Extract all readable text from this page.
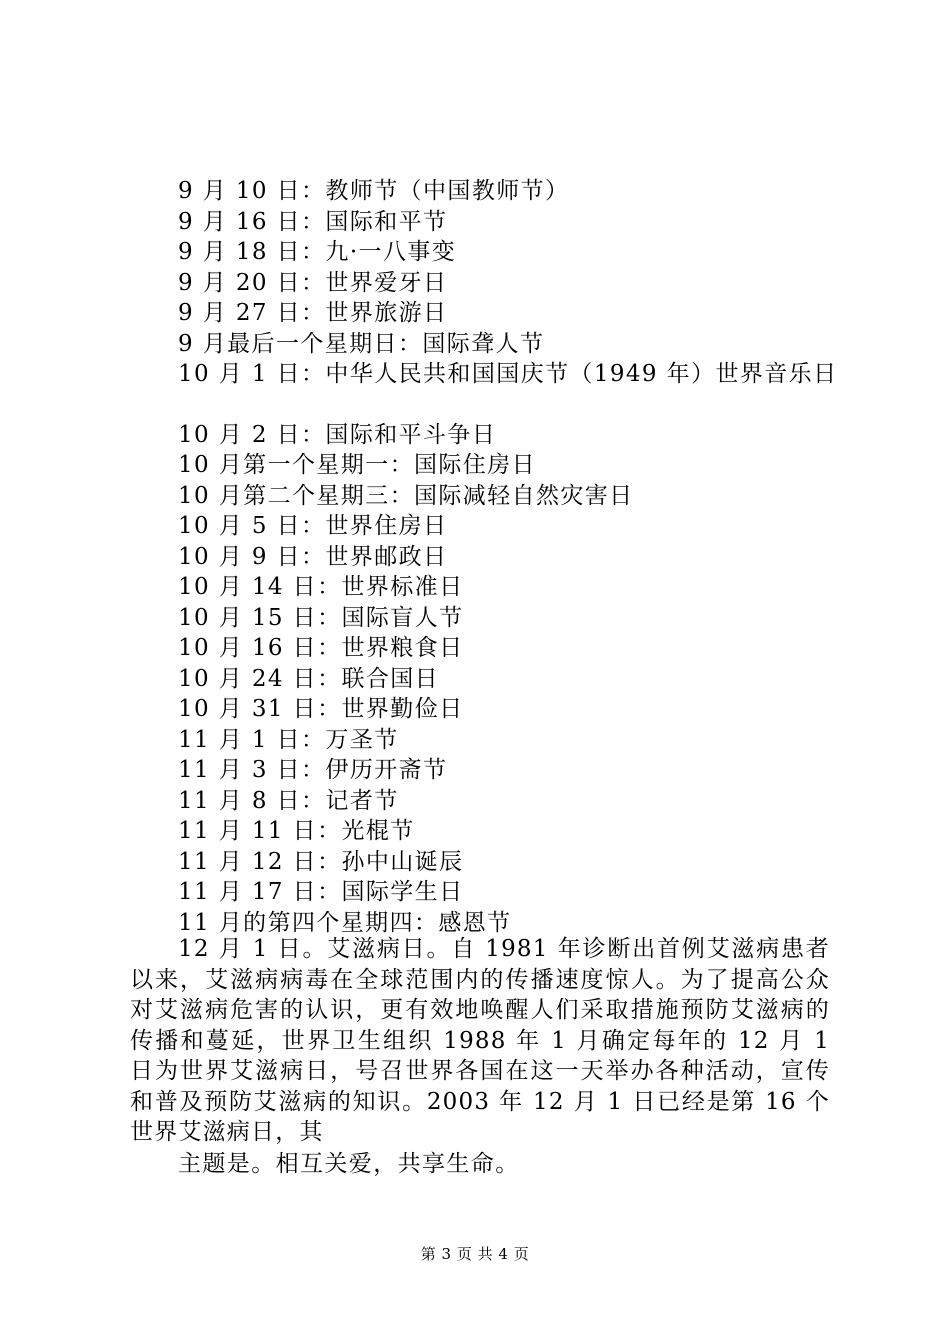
9 月 10 日：教师节（中国教师节）
9 月 16 日：国际和平节
9 月 18 日：九·一八事变
9 月 20 日：世界爱牙日
9 月 27 日：世界旅游日
9 月最后一个星期日：国际聋人节
10 月 1 日：中华人民共和国国庆节（1949 年）世界音乐日
10 月 2 日：国际和平斗争日
10 月第一个星期一：国际住房日
10 月第二个星期三：国际减轻自然灾害日
10 月 5 日：世界住房日
10 月 9 日：世界邮政日
10 月 14 日：世界标准日
10 月 15 日：国际盲人节
10 月 16 日：世界粮食日
10 月 24 日：联合国日
10 月 31 日：世界勤俭日
11 月 1 日：万圣节
11 月 3 日：伊历开斋节
11 月 8 日：记者节
11 月 11 日：光棍节
11 月 12 日：孙中山诞辰
11 月 17 日：国际学生日
11 月的第四个星期四：感恩节
12 月 1 日。艾滋病日。自 1981 年诊断出首例艾滋病患者以来，艾滋病病毒在全球范围内的传播速度惊人。为了提高公众对艾滋病危害的认识，更有效地唤醒人们采取措施预防艾滋病的传播和蔓延，世界卫生组织 1988 年 1 月确定每年的 12 月 1 日为世界艾滋病日，号召世界各国在这一天举办各种活动，宣传和普及预防艾滋病的知识。2003 年 12 月 1 日已经是第 16 个世界艾滋病日，其
主题是。相互关爱，共享生命。
第 3 页 共 4 页
